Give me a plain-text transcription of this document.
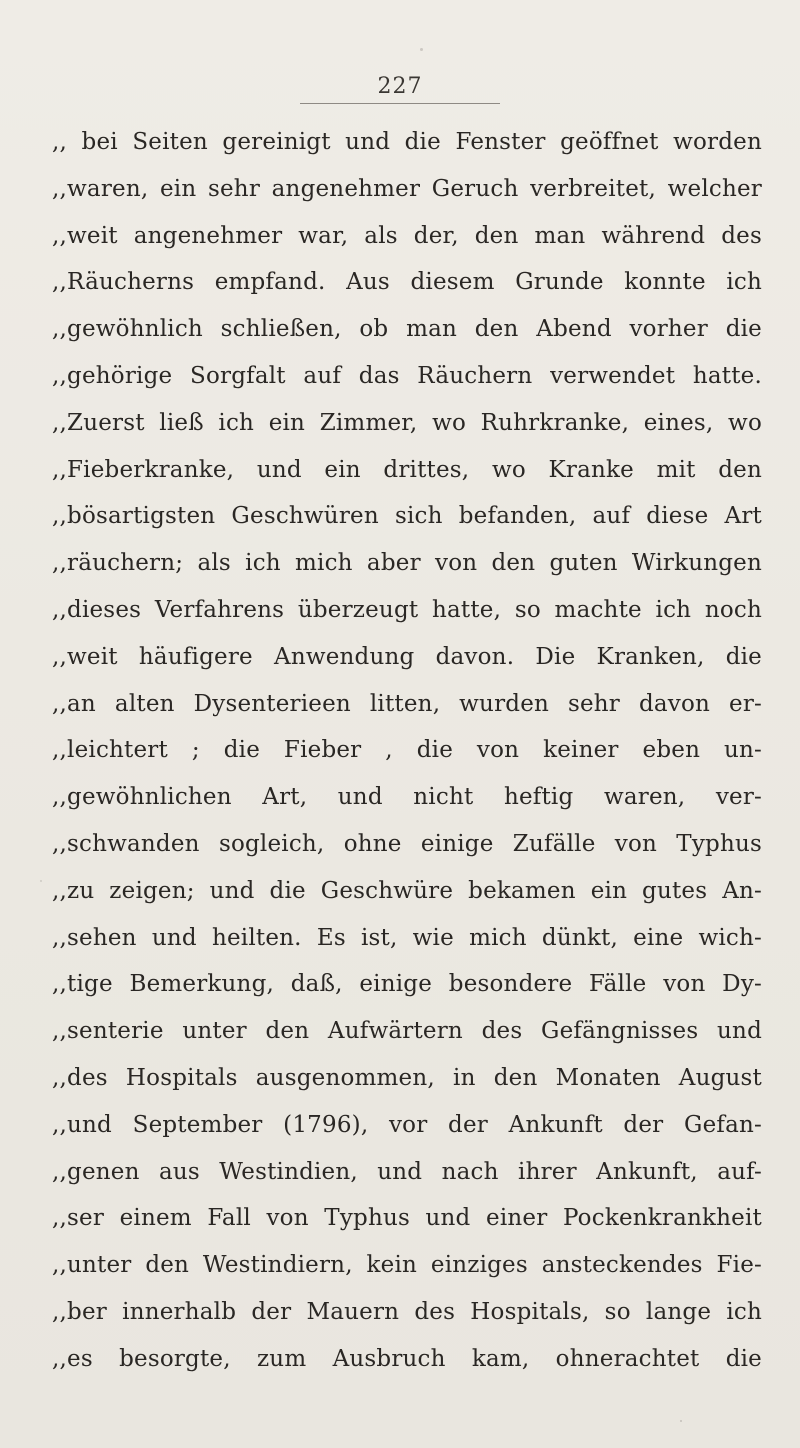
227
,, bei Seiten gereinigt und die Fenster geöffnet worden
,,waren, ein sehr angenehmer Geruch verbreitet, welcher
,,weit angenehmer war, als der, den man während des
,,Räucherns empfand. Aus diesem Grunde konnte ich
,,gewöhnlich schließen, ob man den Abend vorher die
,,gehörige Sorgfalt auf das Räuchern verwendet hatte.
,,Zuerst ließ ich ein Zimmer, wo Ruhrkranke, eines, wo
,,Fieberkranke, und ein drittes, wo Kranke mit den
,,bösartigsten Geschwüren sich befanden, auf diese Art
,,räuchern; als ich mich aber von den guten Wirkungen
,,dieses Verfahrens überzeugt hatte, so machte ich noch
,,weit häufigere Anwendung davon. Die Kranken, die
,,an alten Dysenterieen litten, wurden sehr davon er-
,,leichtert ; die Fieber , die von keiner eben un-
,,gewöhnlichen Art, und nicht heftig waren, ver-
,,schwanden sogleich, ohne einige Zufälle von Typhus
,,zu zeigen; und die Geschwüre bekamen ein gutes An-
,,sehen und heilten. Es ist, wie mich dünkt, eine wich-
,,tige Bemerkung, daß, einige besondere Fälle von Dy-
,,senterie unter den Aufwärtern des Gefängnisses und
,,des Hospitals ausgenommen, in den Monaten August
,,und September (1796), vor der Ankunft der Gefan-
,,genen aus Westindien, und nach ihrer Ankunft, auf-
,,ser einem Fall von Typhus und einer Pockenkrankheit
,,unter den Westindiern, kein einziges ansteckendes Fie-
,,ber innerhalb der Mauern des Hospitals, so lange ich
,,es besorgte, zum Ausbruch kam, ohnerachtet die
